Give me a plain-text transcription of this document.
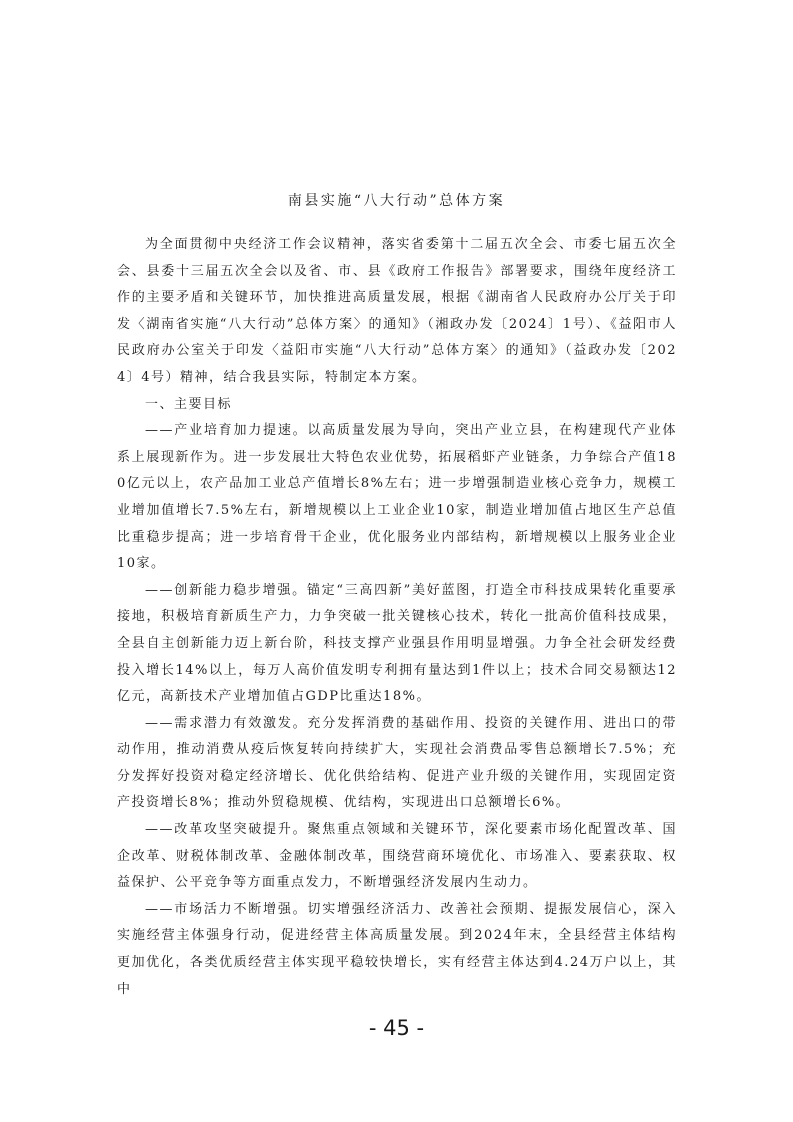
南县实施“八大行动”总体方案

为全面贯彻中央经济工作会议精神，落实省委第十二届五次全会、市委七届五次全会、县委十三届五次全会以及省、市、县《政府工作报告》部署要求，围绕年度经济工作的主要矛盾和关键环节，加快推进高质量发展，根据《湖南省人民政府办公厅关于印发〈湖南省实施“八大行动”总体方案〉的通知》（湘政办发〔2024〕1号）、《益阳市人民政府办公室关于印发〈益阳市实施“八大行动”总体方案〉的通知》（益政办发〔2024〕4号）精神，结合我县实际，特制定本方案。

一、主要目标

——产业培育加力提速。以高质量发展为导向，突出产业立县，在构建现代产业体系上展现新作为。进一步发展壮大特色农业优势，拓展稻虾产业链条，力争综合产值180亿元以上，农产品加工业总产值增长8%左右；进一步增强制造业核心竞争力，规模工业增加值增长7.5%左右，新增规模以上工业企业10家，制造业增加值占地区生产总值比重稳步提高；进一步培育骨干企业，优化服务业内部结构，新增规模以上服务业企业10家。

——创新能力稳步增强。锚定“三高四新”美好蓝图，打造全市科技成果转化重要承接地，积极培育新质生产力，力争突破一批关键核心技术，转化一批高价值科技成果，全县自主创新能力迈上新台阶，科技支撑产业强县作用明显增强。力争全社会研发经费投入增长14%以上，每万人高价值发明专利拥有量达到1件以上；技术合同交易额达12亿元，高新技术产业增加值占GDP比重达18%。

——需求潜力有效激发。充分发挥消费的基础作用、投资的关键作用、进出口的带动作用，推动消费从疫后恢复转向持续扩大，实现社会消费品零售总额增长7.5%；充分发挥好投资对稳定经济增长、优化供给结构、促进产业升级的关键作用，实现固定资产投资增长8%；推动外贸稳规模、优结构，实现进出口总额增长6%。

——改革攻坚突破提升。聚焦重点领域和关键环节，深化要素市场化配置改革、国企改革、财税体制改革、金融体制改革，围绕营商环境优化、市场准入、要素获取、权益保护、公平竞争等方面重点发力，不断增强经济发展内生动力。

——市场活力不断增强。切实增强经济活力、改善社会预期、提振发展信心，深入实施经营主体强身行动，促进经营主体高质量发展。到2024年末，全县经营主体结构更加优化，各类优质经营主体实现平稳较快增长，实有经营主体达到4.24万户以上，其中

- 45 -
